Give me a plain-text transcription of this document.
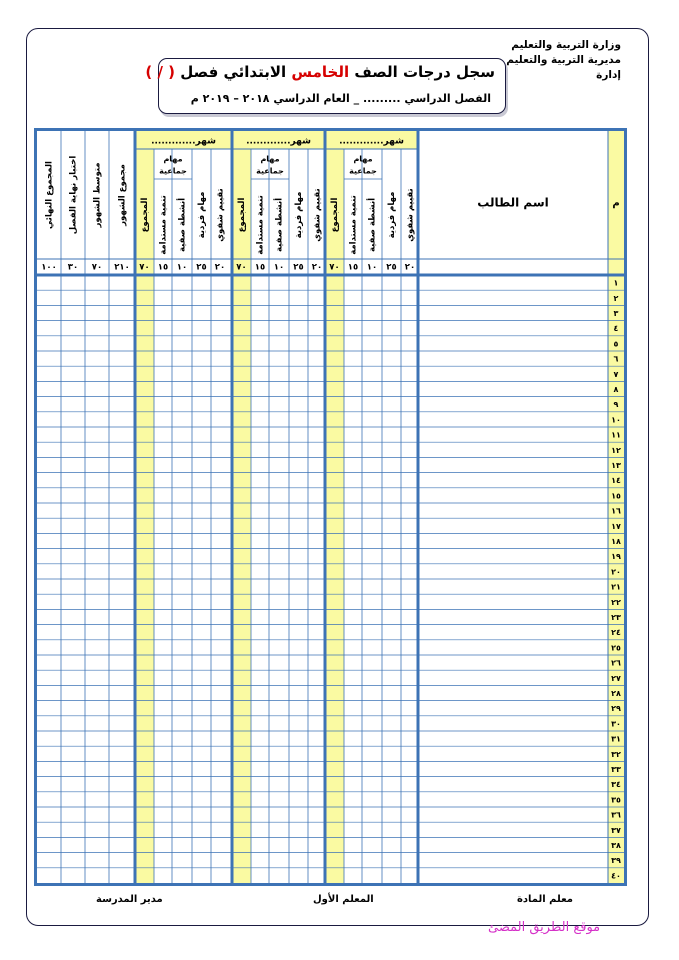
وزارة التربية والتعليم
مديرية التربية والتعليم
إدارة
سجل درجات الصف الخامس الابتدائي فصل ( / )
الفصل الدراسي ......... _ العام الدراسي ٢٠١٨ – ٢٠١٩ م
مجموع الشهور
٢١٠
متوسط الشهور
٧٠
اختبار نهاية الفصل
٣٠
المجموع النهائي
١٠٠
شهر.............
المجموع
٧٠
تنمية مستدامة
١٥
أنشطة صفية
١٠
مهام فردية
٢٥
تقييم شفوي
٢٠
مهام
جماعية
شهر.............
المجموع
٧٠
تنمية مستدامة
١٥
أنشطة صفية
١٠
مهام فردية
٢٥
تقييم شفوي
٢٠
مهام
جماعية
شهر.............
المجموع
٧٠
تنمية مستدامة
١٥
أنشطة صفية
١٠
مهام فردية
٢٥
تقييم شفوي
٢٠
مهام
جماعية
اسم الطالب	م
١
٢
٣
٤
٥
٦
٧
٨
٩
١٠
١١
١٢
١٣
١٤
١٥
١٦
١٧
١٨
١٩
٢٠
٢١
٢٢
٢٣
٢٤
٢٥
٢٦
٢٧
٢٨
٢٩
٣٠
٣١
٣٢
٣٣
٣٤
٣٥
٣٦
٣٧
٣٨
٣٩
٤٠
معلم المادة
المعلم الأول
مدير المدرسة
موقع الطريق المضئ
